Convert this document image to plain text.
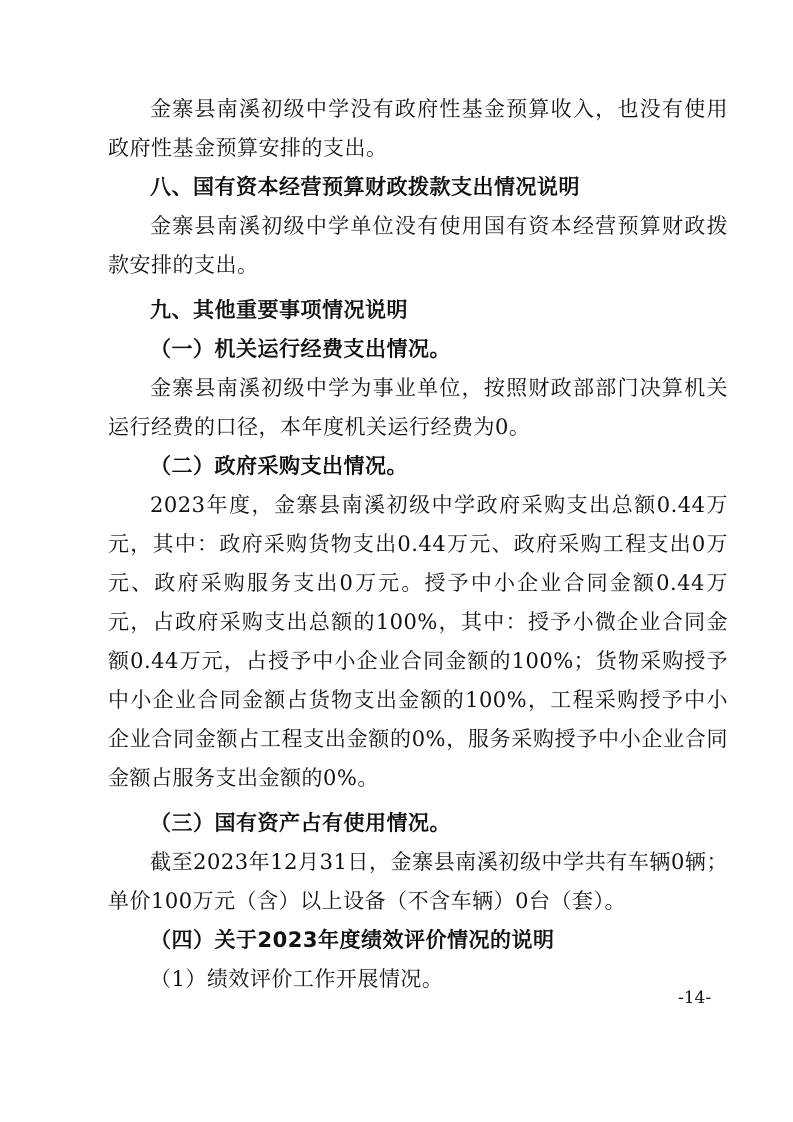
金寨县南溪初级中学没有政府性基金预算收入，也没有使用政府性基金预算安排的支出。

八、国有资本经营预算财政拨款支出情况说明

金寨县南溪初级中学单位没有使用国有资本经营预算财政拨款安排的支出。

九、其他重要事项情况说明

（一）机关运行经费支出情况。

金寨县南溪初级中学为事业单位，按照财政部部门决算机关运行经费的口径，本年度机关运行经费为0。

（二）政府采购支出情况。

2023年度，金寨县南溪初级中学政府采购支出总额0.44万元，其中：政府采购货物支出0.44万元、政府采购工程支出0万元、政府采购服务支出0万元。授予中小企业合同金额0.44万元，占政府采购支出总额的100%，其中：授予小微企业合同金额0.44万元，占授予中小企业合同金额的100%；货物采购授予中小企业合同金额占货物支出金额的100%，工程采购授予中小企业合同金额占工程支出金额的0%，服务采购授予中小企业合同金额占服务支出金额的0%。

（三）国有资产占有使用情况。

截至2023年12月31日，金寨县南溪初级中学共有车辆0辆；单价100万元（含）以上设备（不含车辆）0台（套）。

（四）关于2023年度绩效评价情况的说明

（1）绩效评价工作开展情况。

-14-
